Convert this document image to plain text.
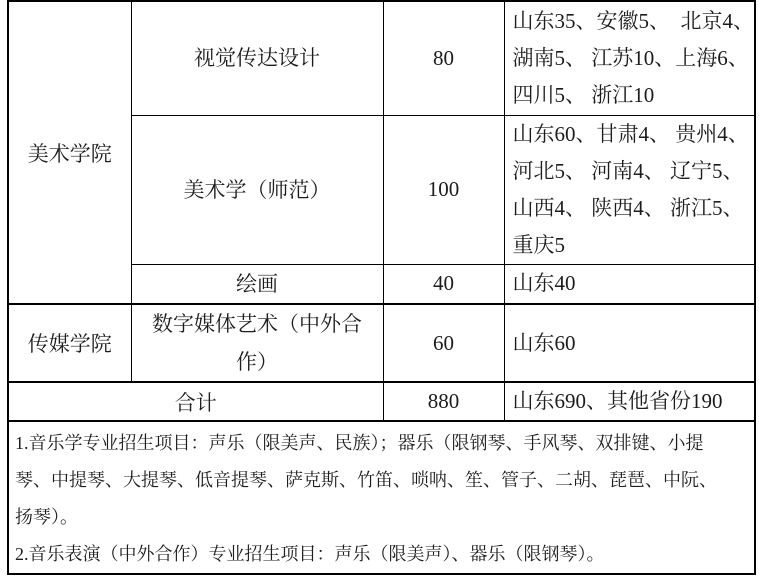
美术学院	视觉传达设计	80	山东35、安徽5、  北京4、
湖南5、 江苏10、上海6、
四川5、 浙江10

	美术学（师范）	100	山东60、甘肃4、 贵州4、
河北5、 河南4、 辽宁5、
山西4、 陕西4、 浙江5、
重庆5

	绘画	40	山东40

传媒学院	数字媒体艺术（中外合作）	60	山东60

合计		880	山东690、其他省份190

1.音乐学专业招生项目：声乐（限美声、民族）；器乐（限钢琴、手风琴、双排键、小提琴、中提琴、大提琴、低音提琴、萨克斯、竹笛、唢呐、笙、管子、二胡、琵琶、中阮、扬琴）。

2.音乐表演（中外合作）专业招生项目：声乐（限美声）、器乐（限钢琴）。			
